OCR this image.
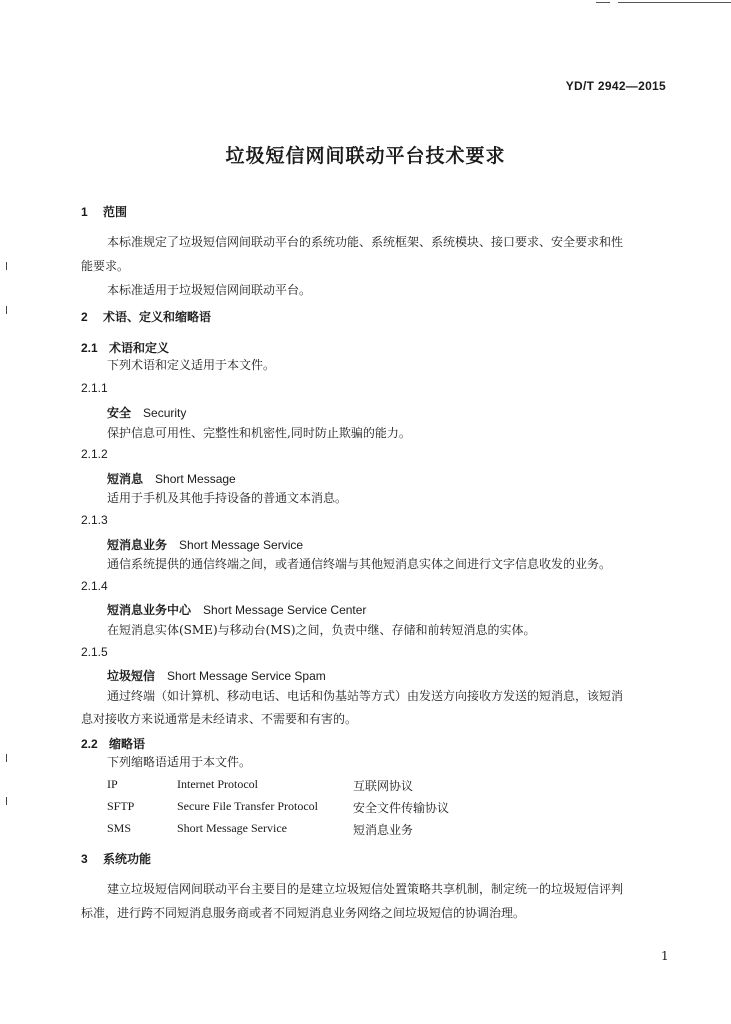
YD/T 2942—2015
垃圾短信网间联动平台技术要求
1 范围
本标准规定了垃圾短信网间联动平台的系统功能、系统框架、系统模块、接口要求、安全要求和性
能要求。
本标准适用于垃圾短信网间联动平台。
2 术语、定义和缩略语
2.1 术语和定义
下列术语和定义适用于本文件。
2.1.1
安全 Security
保护信息可用性、完整性和机密性,同时防止欺骗的能力。
2.1.2
短消息 Short Message
适用于手机及其他手持设备的普通文本消息。
2.1.3
短消息业务 Short Message Service
通信系统提供的通信终端之间，或者通信终端与其他短消息实体之间进行文字信息收发的业务。
2.1.4
短消息业务中心 Short Message Service Center
在短消息实体(SME)与移动台(MS)之间，负责中继、存储和前转短消息的实体。
2.1.5
垃圾短信 Short Message Service Spam
通过终端（如计算机、移动电话、电话和伪基站等方式）由发送方向接收方发送的短消息，该短消
息对接收方来说通常是未经请求、不需要和有害的。
2.2 缩略语
下列缩略语适用于本文件。
IP	Internet Protocol	互联网协议
SFTP	Secure File Transfer Protocol	安全文件传输协议
SMS	Short Message Service	短消息业务
3 系统功能
建立垃圾短信网间联动平台主要目的是建立垃圾短信处置策略共享机制，制定统一的垃圾短信评判
标准，进行跨不同短消息服务商或者不同短消息业务网络之间垃圾短信的协调治理。
1
